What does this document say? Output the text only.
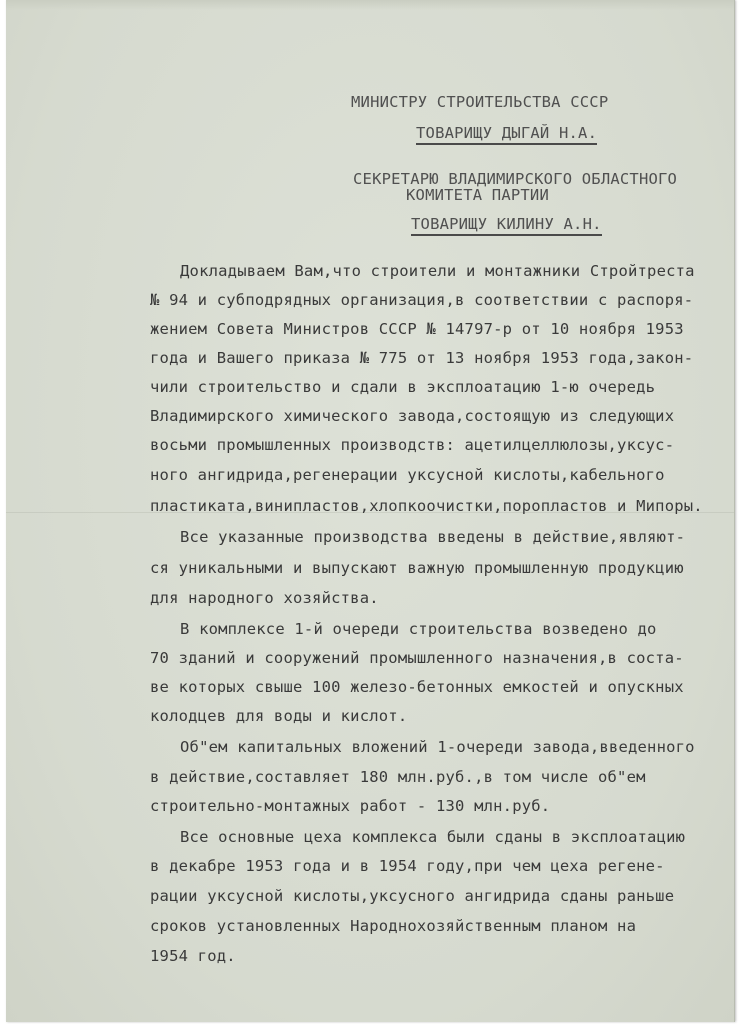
МИНИСТРУ СТРОИТЕЛЬСТВА СССР
ТОВАРИЩУ ДЫГАЙ Н.А.
СЕКРЕТАРЮ ВЛАДИМИРСКОГО ОБЛАСТНОГО
КОМИТЕТА ПАРТИИ
ТОВАРИЩУ КИЛИНУ А.Н.
Докладываем Вам,что строители и монтажники Стройтреста
№ 94 и субподрядных организация,в соответствии с распоря-
жением Совета Министров СССР № 14797-р от 10 ноября 1953
года и Вашего приказа № 775 от 13 ноября 1953 года,закон-
чили строительство и сдали в эксплоатацию 1-ю очередь
Владимирского химического завода,состоящую из следующих
восьми промышленных производств: ацетилцеллюлозы,уксус-
ного ангидрида,регенерации уксусной кислоты,кабельного
пластиката,винипластов,хлопкоочистки,поропластов и Мипоры.
Все указанные производства введены в действие,являют-
ся уникальными и выпускают важную промышленную продукцию
для народного хозяйства.
В комплексе 1-й очереди строительства возведено до
70 зданий и сооружений промышленного назначения,в соста-
ве которых свыше 100 железо-бетонных емкостей и опускных
колодцев для воды и кислот.
Об"ем капитальных вложений 1-очереди завода,введенного
в действие,составляет 180 млн.руб.,в том числе об"ем
строительно-монтажных работ - 130 млн.руб.
Все основные цеха комплекса были сданы в эксплоатацию
в декабре 1953 года и в 1954 году,при чем цеха регене-
рации уксусной кислоты,уксусного ангидрида сданы раньше
сроков установленных Народнохозяйственным планом на
1954 год.
